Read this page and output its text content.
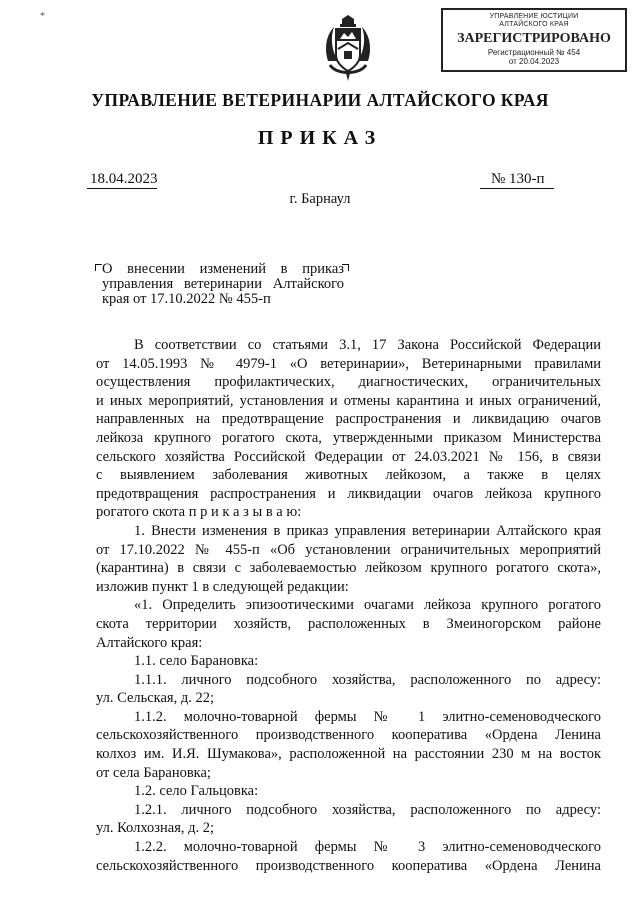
*	УПРАВЛЕНИЕ ЮСТИЦИИ
АЛТАЙСКОГО КРАЯ
ЗАРЕГИСТРИРОВАНО
Регистрационный № 454
от 20.04.2023
УПРАВЛЕНИЕ ВЕТЕРИНАРИИ АЛТАЙСКОГО КРАЯ
ПРИКАЗ
18.04.2023	№ 130-п
г. Барнаул
О внесении изменений в приказ
управления ветеринарии Алтайского
края от 17.10.2022 № 455-п
В соответствии со статьями 3.1, 17 Закона Российской Федерации
от 14.05.1993 № 4979-1 «О ветеринарии», Ветеринарными правилами
осуществления профилактических, диагностических, ограничительных
и иных мероприятий, установления и отмены карантина и иных ограничений,
направленных на предотвращение распространения и ликвидацию очагов
лейкоза крупного рогатого скота, утвержденными приказом Министерства
сельского хозяйства Российской Федерации от 24.03.2021 № 156, в связи
с выявлением заболевания животных лейкозом, а также в целях
предотвращения распространения и ликвидации очагов лейкоза крупного
рогатого скота п р и к а з ы в а ю:
1. Внести изменения в приказ управления ветеринарии Алтайского края
от 17.10.2022 № 455-п «Об установлении ограничительных мероприятий
(карантина) в связи с заболеваемостью лейкозом крупного рогатого скота»,
изложив пункт 1 в следующей редакции:
«1. Определить эпизоотическими очагами лейкоза крупного рогатого
скота территории хозяйств, расположенных в Змеиногорском районе
Алтайского края:
1.1. село Барановка:
1.1.1. личного подсобного хозяйства, расположенного по адресу:
ул. Сельская, д. 22;
1.1.2. молочно-товарной фермы № 1 элитно-семеноводческого
сельскохозяйственного производственного кооператива «Ордена Ленина
колхоз им. И.Я. Шумакова», расположенной на расстоянии 230 м на восток
от села Барановка;
1.2. село Гальцовка:
1.2.1. личного подсобного хозяйства, расположенного по адресу:
ул. Колхозная, д. 2;
1.2.2. молочно-товарной фермы № 3 элитно-семеноводческого
сельскохозяйственного производственного кооператива «Ордена Ленина
